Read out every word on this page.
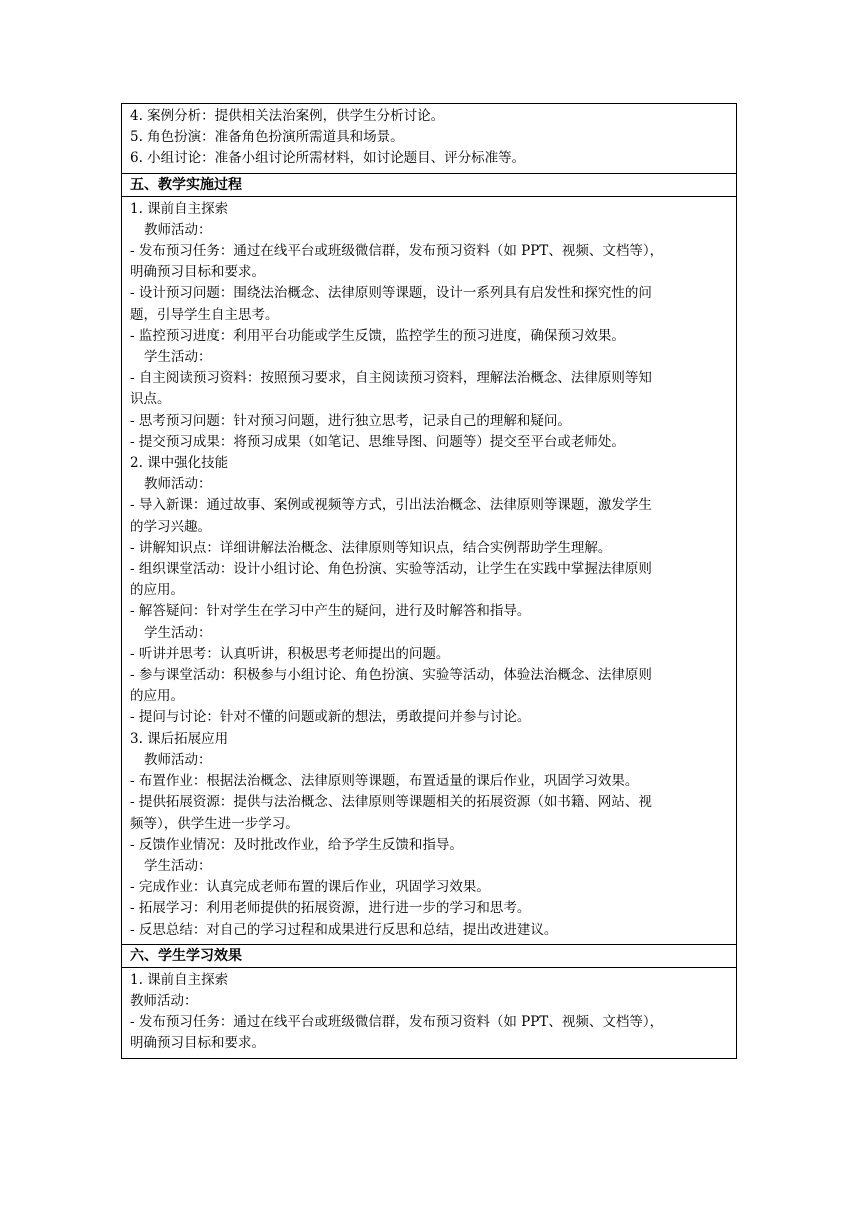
4. 案例分析：提供相关法治案例，供学生分析讨论。
5. 角色扮演：准备角色扮演所需道具和场景。
6. 小组讨论：准备小组讨论所需材料，如讨论题目、评分标准等。
五、教学实施过程
1. 课前自主探索
教师活动：
- 发布预习任务：通过在线平台或班级微信群，发布预习资料（如 PPT、视频、文档等），
明确预习目标和要求。
- 设计预习问题：围绕法治概念、法律原则等课题，设计一系列具有启发性和探究性的问
题，引导学生自主思考。
- 监控预习进度：利用平台功能或学生反馈，监控学生的预习进度，确保预习效果。
学生活动：
- 自主阅读预习资料：按照预习要求，自主阅读预习资料，理解法治概念、法律原则等知
识点。
- 思考预习问题：针对预习问题，进行独立思考，记录自己的理解和疑问。
- 提交预习成果：将预习成果（如笔记、思维导图、问题等）提交至平台或老师处。
2. 课中强化技能
教师活动：
- 导入新课：通过故事、案例或视频等方式，引出法治概念、法律原则等课题，激发学生
的学习兴趣。
- 讲解知识点：详细讲解法治概念、法律原则等知识点，结合实例帮助学生理解。
- 组织课堂活动：设计小组讨论、角色扮演、实验等活动，让学生在实践中掌握法律原则
的应用。
- 解答疑问：针对学生在学习中产生的疑问，进行及时解答和指导。
学生活动：
- 听讲并思考：认真听讲，积极思考老师提出的问题。
- 参与课堂活动：积极参与小组讨论、角色扮演、实验等活动，体验法治概念、法律原则
的应用。
- 提问与讨论：针对不懂的问题或新的想法，勇敢提问并参与讨论。
3. 课后拓展应用
教师活动：
- 布置作业：根据法治概念、法律原则等课题，布置适量的课后作业，巩固学习效果。
- 提供拓展资源：提供与法治概念、法律原则等课题相关的拓展资源（如书籍、网站、视
频等），供学生进一步学习。
- 反馈作业情况：及时批改作业，给予学生反馈和指导。
学生活动：
- 完成作业：认真完成老师布置的课后作业，巩固学习效果。
- 拓展学习：利用老师提供的拓展资源，进行进一步的学习和思考。
- 反思总结：对自己的学习过程和成果进行反思和总结，提出改进建议。
六、学生学习效果
1. 课前自主探索
教师活动：
- 发布预习任务：通过在线平台或班级微信群，发布预习资料（如 PPT、视频、文档等），
明确预习目标和要求。
